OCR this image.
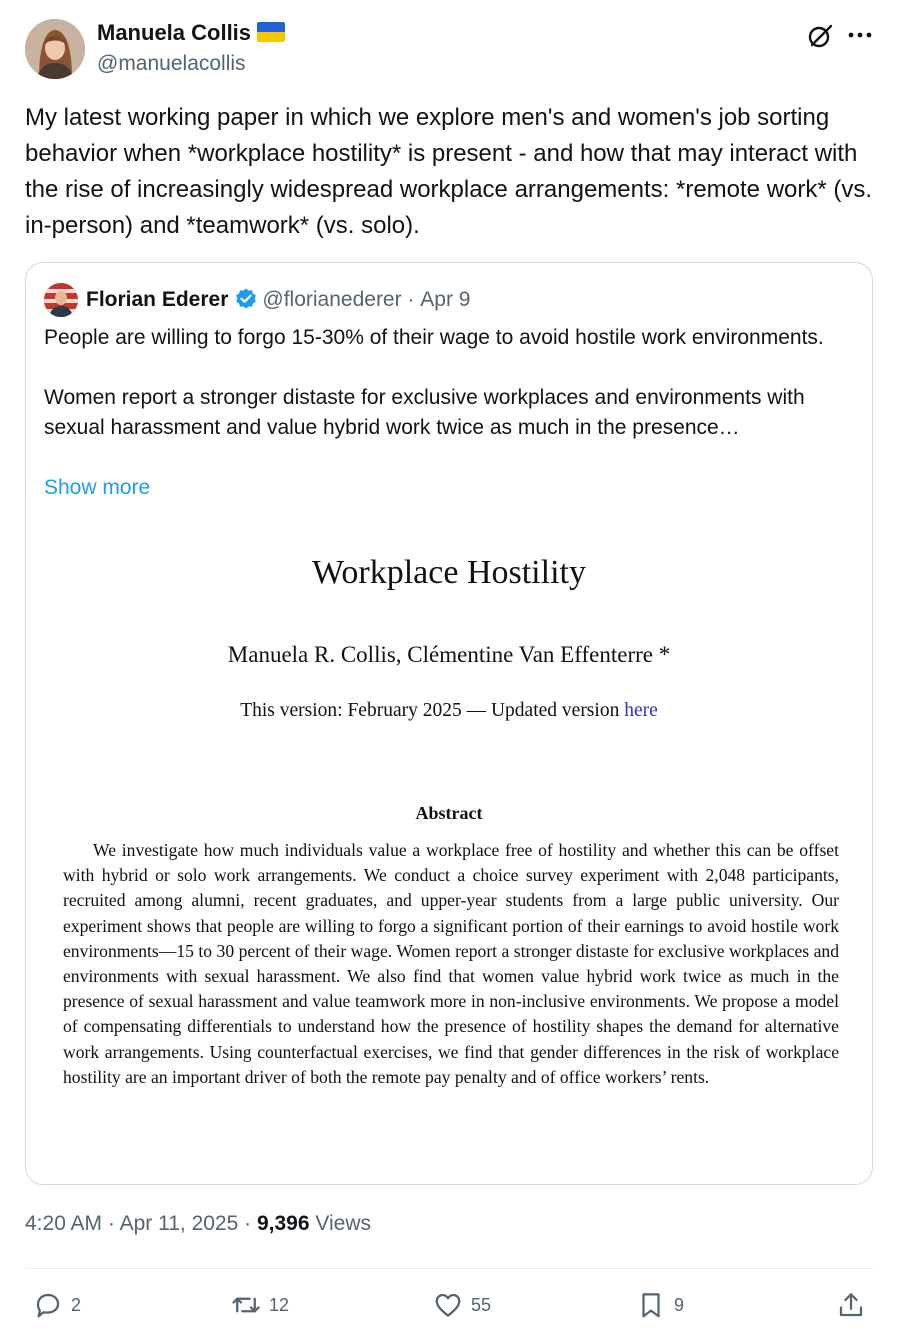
Manuela Collis
@manuelacollis
My latest working paper in which we explore men's and women's job sorting behavior when *workplace hostility* is present - and how that may interact with the rise of increasingly widespread workplace arrangements: *remote work* (vs. in-person) and *teamwork* (vs. solo).
Florian Ederer @florianederer · Apr 9

People are willing to forgo 15-30% of their wage to avoid hostile work environments.

Women report a stronger distaste for exclusive workplaces and environments with sexual harassment and value hybrid work twice as much in the presence…

Show more
Workplace Hostility
Manuela R. Collis, Clémentine Van Effenterre *
This version: February 2025 — Updated version here
Abstract
We investigate how much individuals value a workplace free of hostility and whether this can be offset with hybrid or solo work arrangements. We conduct a choice survey experiment with 2,048 participants, recruited among alumni, recent graduates, and upper-year students from a large public university. Our experiment shows that people are willing to forgo a significant portion of their earnings to avoid hostile work environments—15 to 30 percent of their wage. Women report a stronger distaste for exclusive workplaces and environments with sexual harassment. We also find that women value hybrid work twice as much in the presence of sexual harassment and value teamwork more in non-inclusive environments. We propose a model of compensating differentials to understand how the presence of hostility shapes the demand for alternative work arrangements. Using counterfactual exercises, we find that gender differences in the risk of workplace hostility are an important driver of both the remote pay penalty and of office workers’ rents.
4:20 AM · Apr 11, 2025 · 9,396 Views
2	12	55	9
